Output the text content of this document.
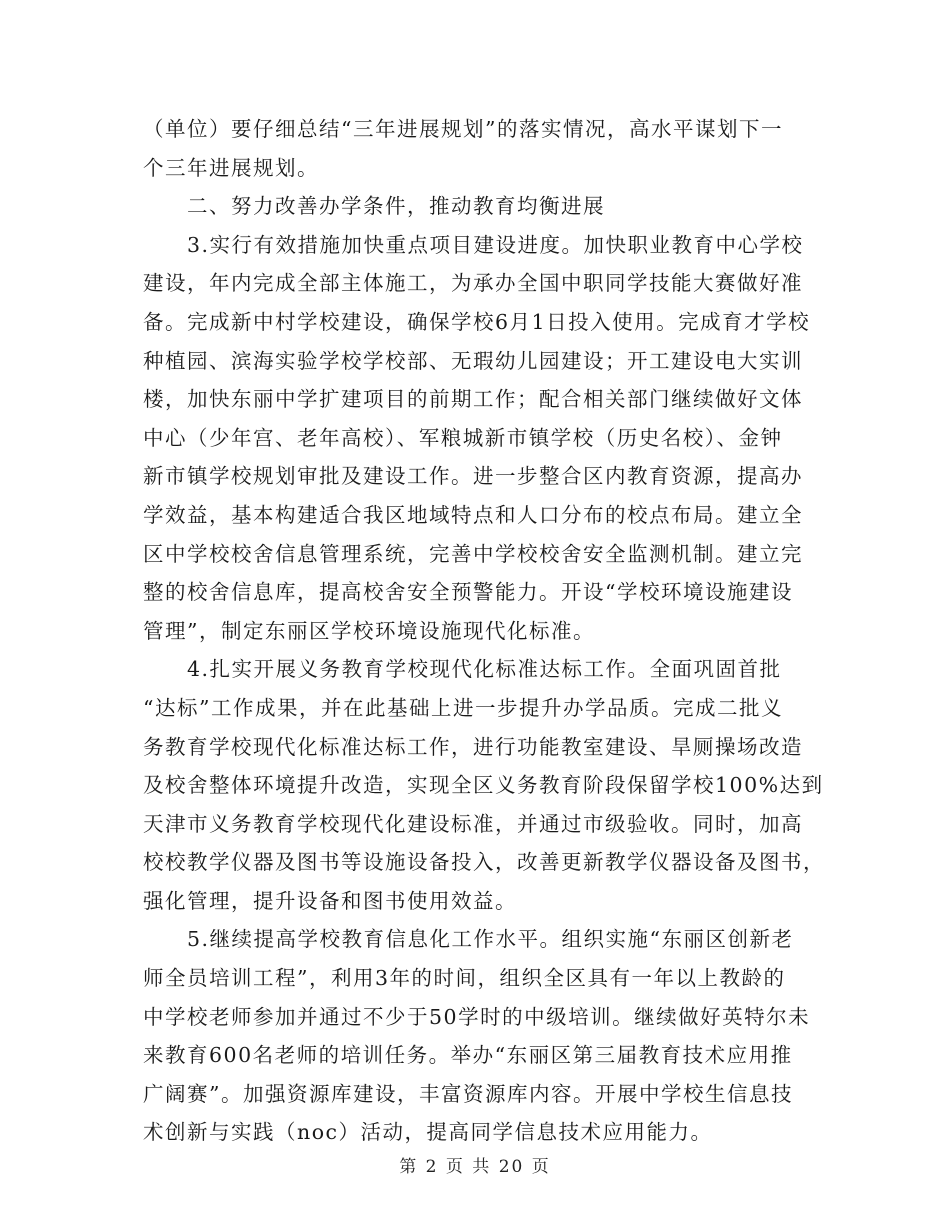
（单位）要仔细总结“三年进展规划”的落实情况，高水平谋划下一
个三年进展规划。
二、努力改善办学条件，推动教育均衡进展
3.实行有效措施加快重点项目建设进度。加快职业教育中心学校
建设，年内完成全部主体施工，为承办全国中职同学技能大赛做好准
备。完成新中村学校建设，确保学校6月1日投入使用。完成育才学校
种植园、滨海实验学校学校部、无瑕幼儿园建设；开工建设电大实训
楼，加快东丽中学扩建项目的前期工作；配合相关部门继续做好文体
中心（少年宫、老年高校）、军粮城新市镇学校（历史名校）、金钟
新市镇学校规划审批及建设工作。进一步整合区内教育资源，提高办
学效益，基本构建适合我区地域特点和人口分布的校点布局。建立全
区中学校校舍信息管理系统，完善中学校校舍安全监测机制。建立完
整的校舍信息库，提高校舍安全预警能力。开设“学校环境设施建设
管理”，制定东丽区学校环境设施现代化标准。
4.扎实开展义务教育学校现代化标准达标工作。全面巩固首批
“达标”工作成果，并在此基础上进一步提升办学品质。完成二批义
务教育学校现代化标准达标工作，进行功能教室建设、旱厕操场改造
及校舍整体环境提升改造，实现全区义务教育阶段保留学校100%达到
天津市义务教育学校现代化建设标准，并通过市级验收。同时，加高
校校教学仪器及图书等设施设备投入，改善更新教学仪器设备及图书，
强化管理，提升设备和图书使用效益。
5.继续提高学校教育信息化工作水平。组织实施“东丽区创新老
师全员培训工程”，利用3年的时间，组织全区具有一年以上教龄的
中学校老师参加并通过不少于50学时的中级培训。继续做好英特尔未
来教育600名老师的培训任务。举办“东丽区第三届教育技术应用推
广阔赛”。加强资源库建设，丰富资源库内容。开展中学校生信息技
术创新与实践（noc）活动，提高同学信息技术应用能力。
第 2 页 共 20 页
